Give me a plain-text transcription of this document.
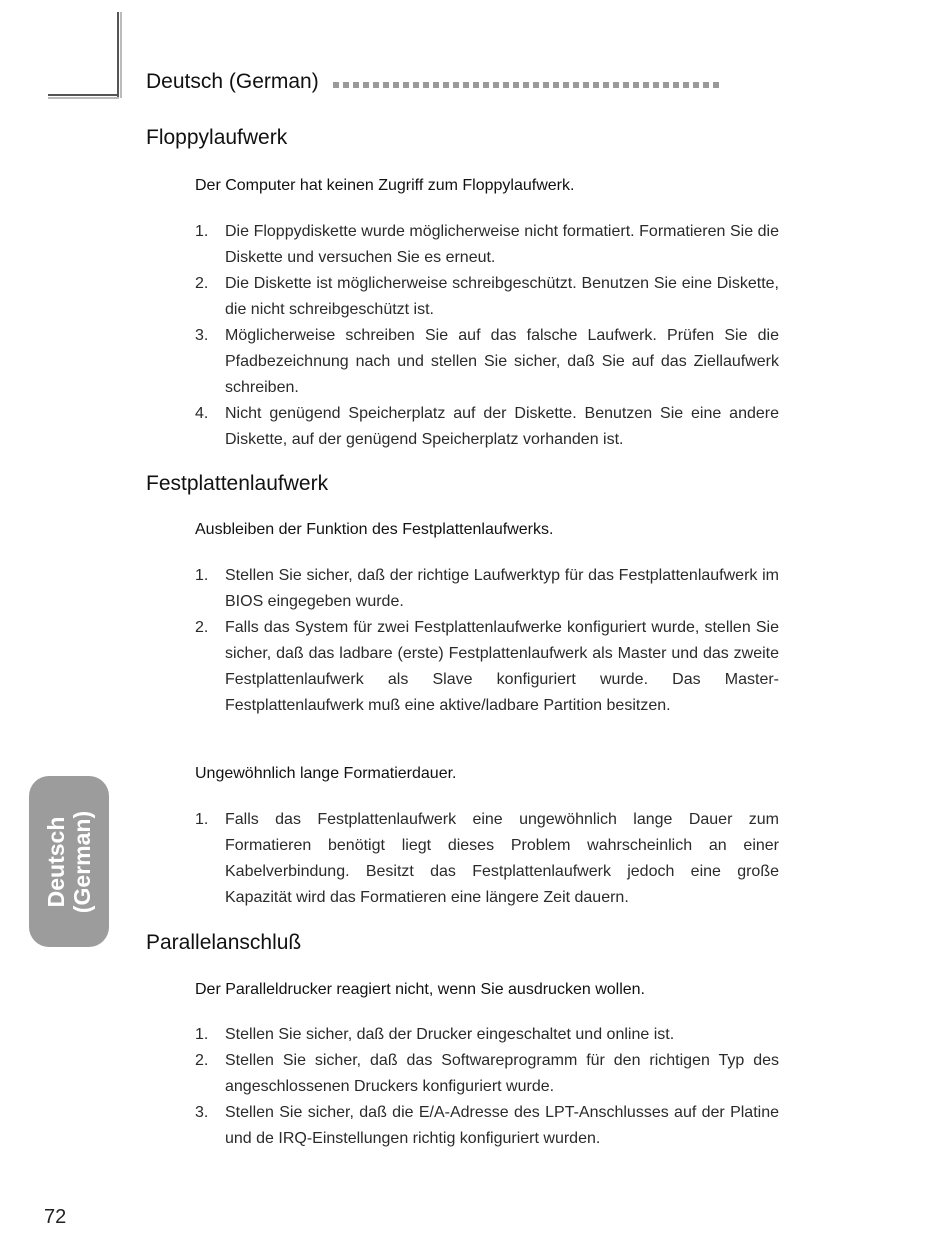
Deutsch (German)
Floppylaufwerk
Der Computer hat keinen Zugriff zum Floppylaufwerk.
1. Die Floppydiskette wurde möglicherweise nicht formatiert. Formatieren Sie die Diskette und versuchen Sie es erneut.
2. Die Diskette ist möglicherweise schreibgeschützt. Benutzen Sie eine Diskette, die nicht schreibgeschützt ist.
3. Möglicherweise schreiben Sie auf das falsche Laufwerk. Prüfen Sie die Pfadbezeichnung nach und stellen Sie sicher, daß Sie auf das Ziellaufwerk schreiben.
4. Nicht genügend Speicherplatz auf der Diskette. Benutzen Sie eine andere Diskette, auf der genügend Speicherplatz vorhanden ist.
Festplattenlaufwerk
Ausbleiben der Funktion des Festplattenlaufwerks.
1. Stellen Sie sicher, daß der richtige Laufwerktyp für das Festplattenlaufwerk im BIOS eingegeben wurde.
2. Falls das System für zwei Festplattenlaufwerke konfiguriert wurde, stellen Sie sicher, daß das ladbare (erste) Festplattenlaufwerk als Master und das zweite Festplattenlaufwerk als Slave konfiguriert wurde. Das Master-Festplattenlaufwerk muß eine aktive/ladbare Partition besitzen.
Ungewöhnlich lange Formatierdauer.
1. Falls das Festplattenlaufwerk eine ungewöhnlich lange Dauer zum Formatieren benötigt liegt dieses Problem wahrscheinlich an einer Kabelverbindung. Besitzt das Festplattenlaufwerk jedoch eine große Kapazität wird das Formatieren eine längere Zeit dauern.
Parallelanschluß
Der Paralleldrucker reagiert nicht, wenn Sie ausdrucken wollen.
1. Stellen Sie sicher, daß der Drucker eingeschaltet und online ist.
2. Stellen Sie sicher, daß das Softwareprogramm für den richtigen Typ des angeschlossenen Druckers konfiguriert wurde.
3. Stellen Sie sicher, daß die E/A-Adresse des LPT-Anschlusses auf der Platine und de IRQ-Einstellungen richtig konfiguriert wurden.
Deutsch (German)
72
